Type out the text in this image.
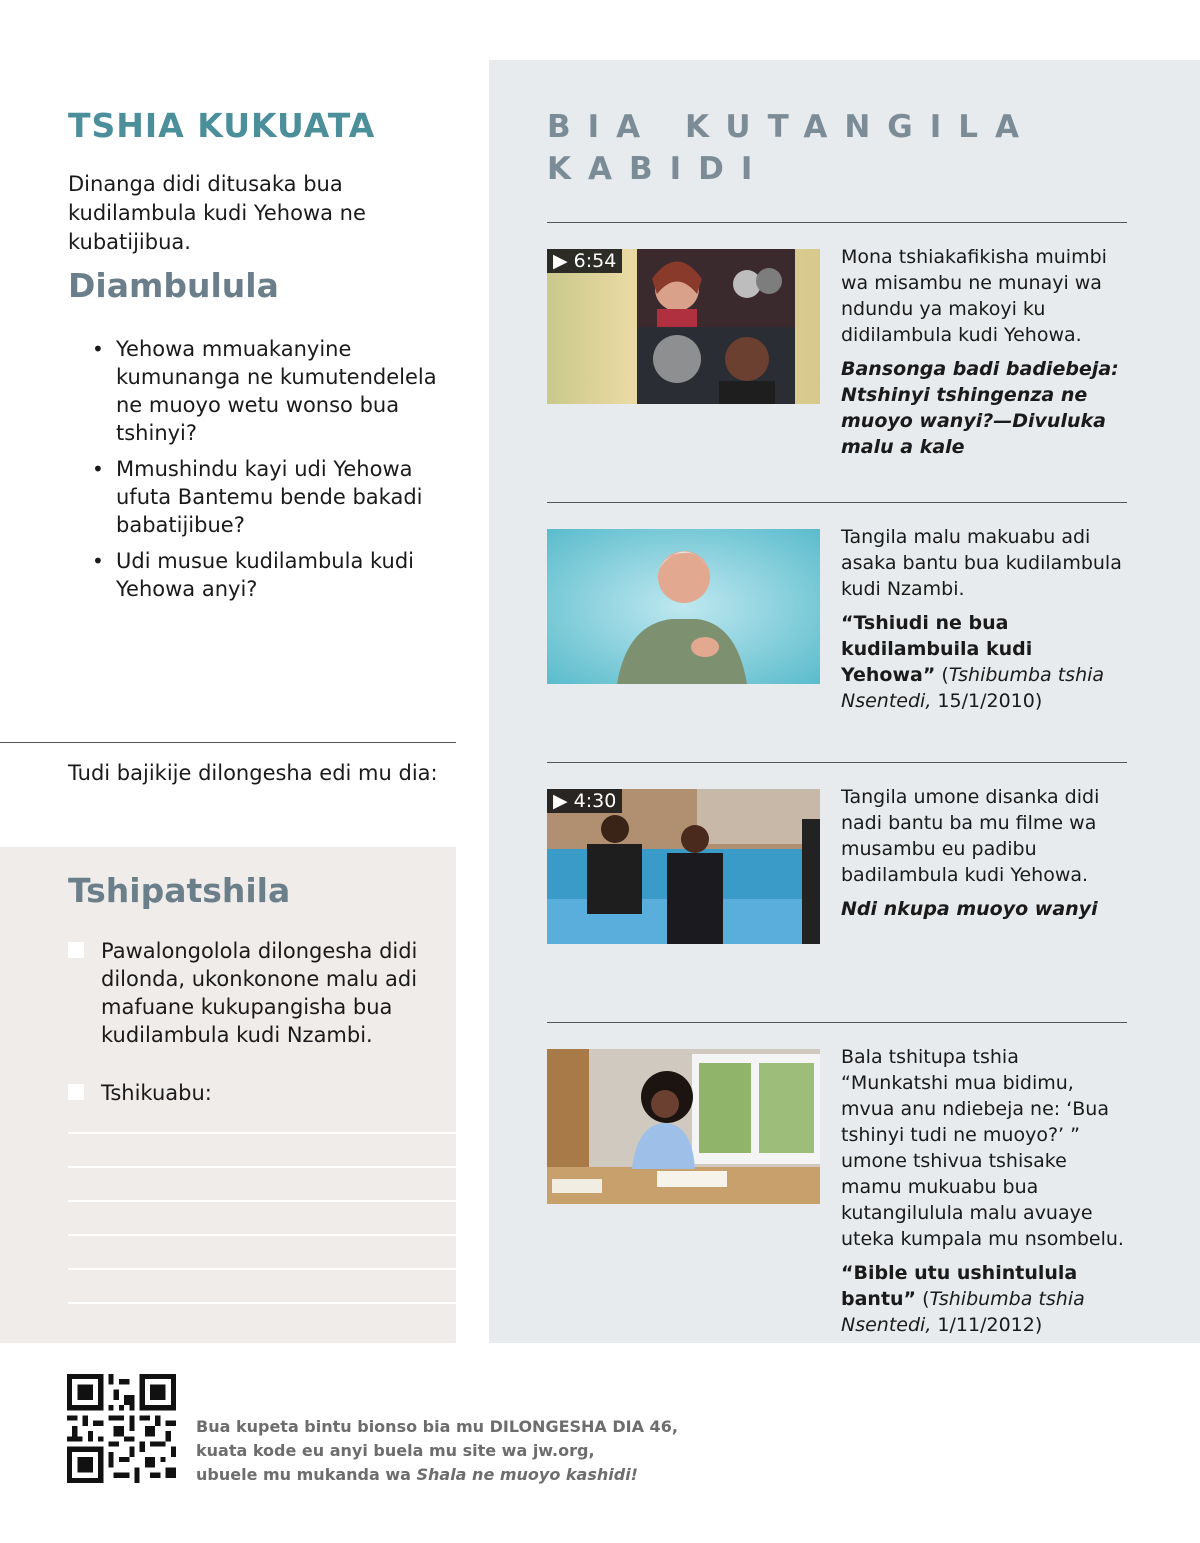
TSHIA KUKUATA

Dinanga didi ditusaka bua kudilambula kudi Yehowa ne kubatijibua.

Diambulula
• Yehowa mmuakanyine kumunanga ne kumutendelela ne muoyo wetu wonso bua tshinyi?
• Mmushindu kayi udi Yehowa ufuta Bantemu bende bakadi babatijibue?
• Udi musue kudilambula kudi Yehowa anyi?

Tudi bajikije dilongesha edi mu dia:

Tshipatshila

Pawalongolola dilongesha didi dilonda, ukonkonone malu adi mafuane kukupangisha bua kudilambula kudi Nzambi.

Tshikuabu:

BIA KUTANGILA KABIDI
▶ 6:54	Mona tshiakafikisha muimbi wa misambu ne munayi wa ndundu ya makoyi ku didilambula kudi Yehowa.

Bansonga badi badiebeja: Ntshinyi tshingenza ne muoyo wanyi?—Divuluka malu a kale

Tangila malu makuabu adi asaka bantu bua kudilambula kudi Nzambi.

“Tshiudi ne bua kudilambuila kudi Yehowa” (Tshibumba tshia Nsentedi, 15/1/2010)

▶ 4:30	Tangila umone disanka didi nadi bantu ba mu filme wa musambu eu padibu badilambula kudi Yehowa.

Ndi nkupa muoyo wanyi

Bala tshitupa tshia “Munkatshi mua bidimu, mvua anu ndiebeja ne: ‘Bua tshinyi tudi ne muoyo?’ ” umone tshivua tshisake mamu mukuabu bua kutangilulula malu avuaye uteka kumpala mu nsombelu.

“Bible utu ushintulula bantu” (Tshibumba tshia Nsentedi, 1/11/2012)

Bua kupeta bintu bionso bia mu DILONGESHA DIA 46,
kuata kode eu anyi buela mu site wa jw.org,
ubuele mu mukanda wa Shala ne muoyo kashidi!
